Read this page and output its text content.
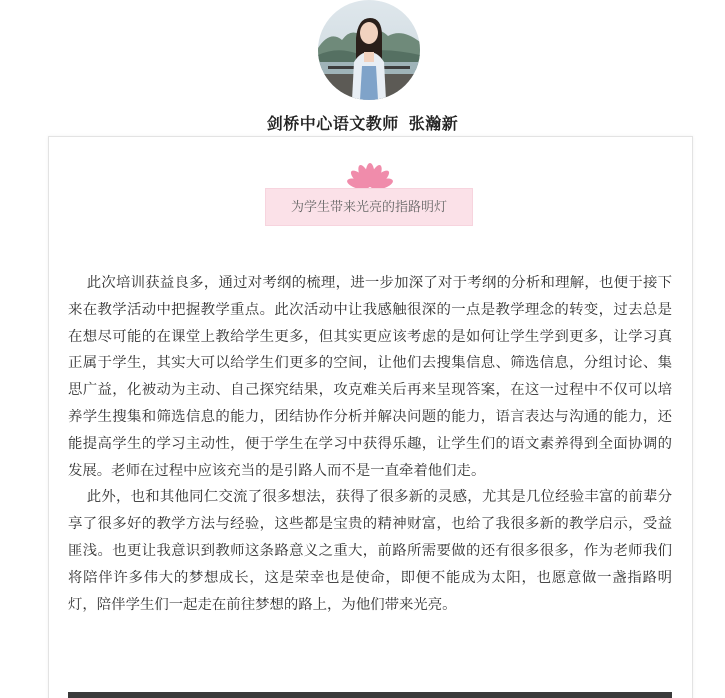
剑桥中心语文教师 张瀚新
为学生带来光亮的指路明灯

此次培训获益良多，通过对考纲的梳理，进一步加深了对于考纲的分析和理解，也便于接下来在教学活动中把握教学重点。此次活动中让我感触很深的一点是教学理念的转变，过去总是在想尽可能的在课堂上教给学生更多，但其实更应该考虑的是如何让学生学到更多，让学习真正属于学生，其实大可以给学生们更多的空间，让他们去搜集信息、筛选信息，分组讨论、集思广益，化被动为主动、自己探究结果，攻克难关后再来呈现答案，在这一过程中不仅可以培养学生搜集和筛选信息的能力，团结协作分析并解决问题的能力，语言表达与沟通的能力，还能提高学生的学习主动性，便于学生在学习中获得乐趣，让学生们的语文素养得到全面协调的发展。老师在过程中应该充当的是引路人而不是一直牵着他们走。

此外，也和其他同仁交流了很多想法，获得了很多新的灵感，尤其是几位经验丰富的前辈分享了很多好的教学方法与经验，这些都是宝贵的精神财富，也给了我很多新的教学启示，受益匪浅。也更让我意识到教师这条路意义之重大，前路所需要做的还有很多很多，作为老师我们将陪伴许多伟大的梦想成长，这是荣幸也是使命，即便不能成为太阳，也愿意做一盏指路明灯，陪伴学生们一起走在前往梦想的路上，为他们带来光亮。
